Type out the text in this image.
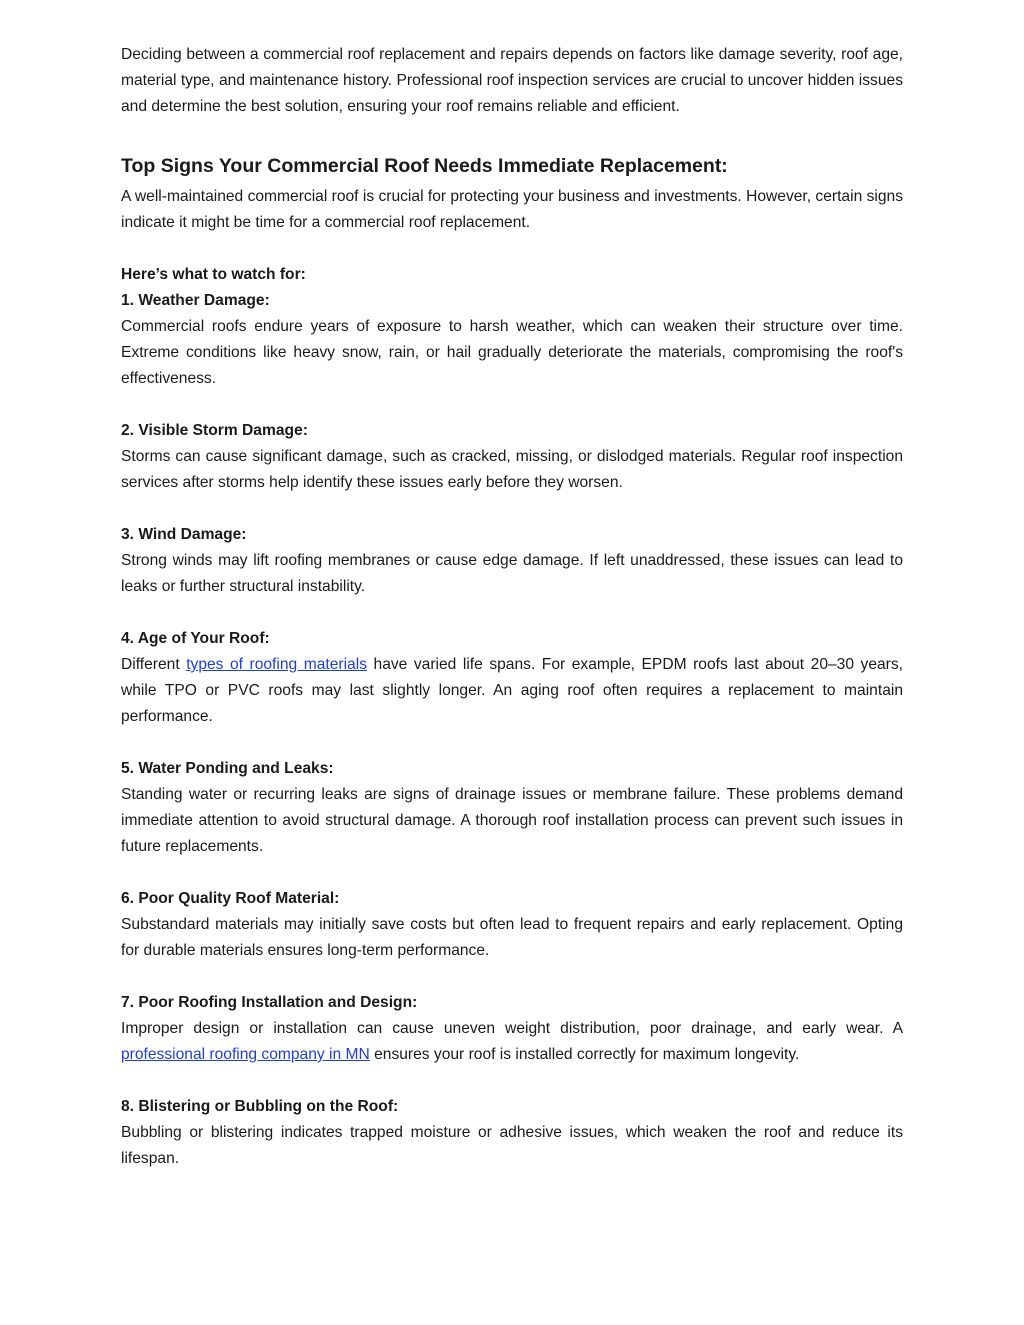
Deciding between a commercial roof replacement and repairs depends on factors like damage severity, roof age, material type, and maintenance history. Professional roof inspection services are crucial to uncover hidden issues and determine the best solution, ensuring your roof remains reliable and efficient.

Top Signs Your Commercial Roof Needs Immediate Replacement:

A well-maintained commercial roof is crucial for protecting your business and investments. However, certain signs indicate it might be time for a commercial roof replacement.

Here’s what to watch for:

1. Weather Damage:

Commercial roofs endure years of exposure to harsh weather, which can weaken their structure over time. Extreme conditions like heavy snow, rain, or hail gradually deteriorate the materials, compromising the roof's effectiveness.

2. Visible Storm Damage:

Storms can cause significant damage, such as cracked, missing, or dislodged materials. Regular roof inspection services after storms help identify these issues early before they worsen.

3. Wind Damage:

Strong winds may lift roofing membranes or cause edge damage. If left unaddressed, these issues can lead to leaks or further structural instability.

4. Age of Your Roof:

Different types of roofing materials have varied life spans. For example, EPDM roofs last about 20–30 years, while TPO or PVC roofs may last slightly longer. An aging roof often requires a replacement to maintain performance.

5. Water Ponding and Leaks:

Standing water or recurring leaks are signs of drainage issues or membrane failure. These problems demand immediate attention to avoid structural damage. A thorough roof installation process can prevent such issues in future replacements.

6. Poor Quality Roof Material:

Substandard materials may initially save costs but often lead to frequent repairs and early replacement. Opting for durable materials ensures long-term performance.

7. Poor Roofing Installation and Design:

Improper design or installation can cause uneven weight distribution, poor drainage, and early wear. A professional roofing company in MN ensures your roof is installed correctly for maximum longevity.

8. Blistering or Bubbling on the Roof:

Bubbling or blistering indicates trapped moisture or adhesive issues, which weaken the roof and reduce its lifespan.
